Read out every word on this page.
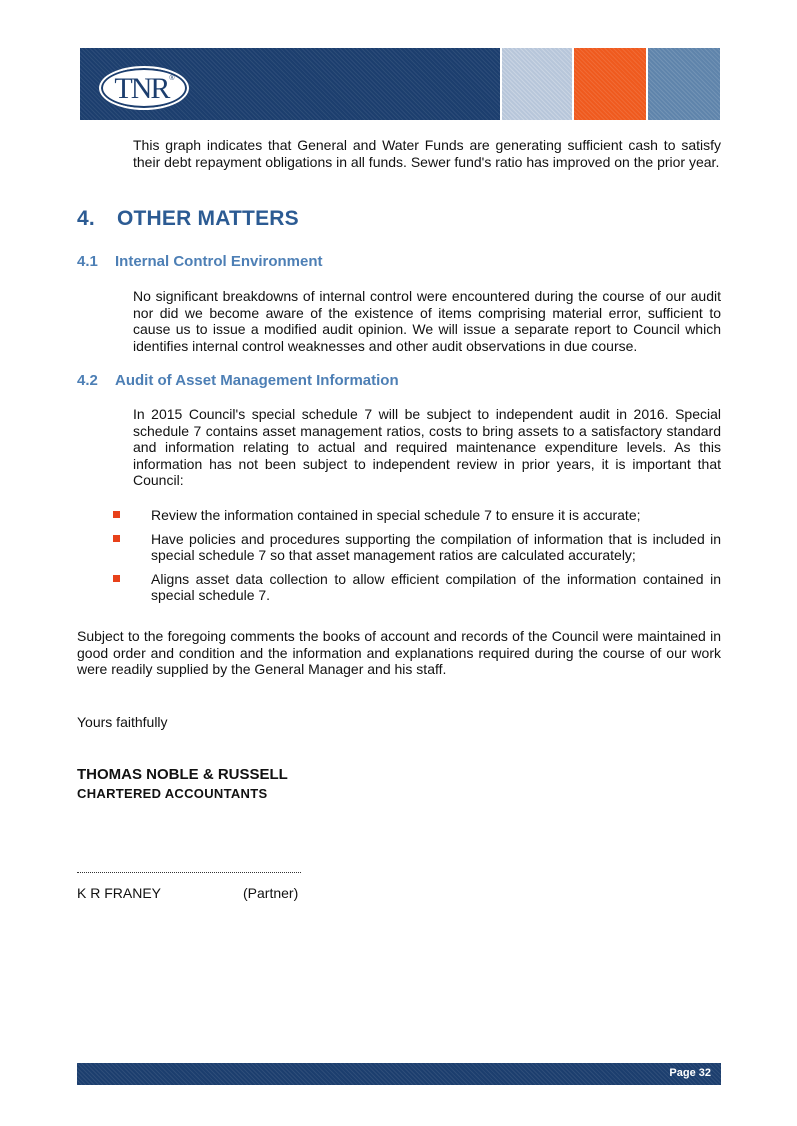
TNR ®

This graph indicates that General and Water Funds are generating sufficient cash to satisfy their debt repayment obligations in all funds. Sewer fund's ratio has improved on the prior year.

4. OTHER MATTERS
4.1 Internal Control Environment

No significant breakdowns of internal control were encountered during the course of our audit nor did we become aware of the existence of items comprising material error, sufficient to cause us to issue a modified audit opinion. We will issue a separate report to Council which identifies internal control weaknesses and other audit observations in due course.

4.2 Audit of Asset Management Information

In 2015 Council's special schedule 7 will be subject to independent audit in 2016. Special schedule 7 contains asset management ratios, costs to bring assets to a satisfactory standard and information relating to actual and required maintenance expenditure levels. As this information has not been subject to independent review in prior years, it is important that Council:

Review the information contained in special schedule 7 to ensure it is accurate;
Have policies and procedures supporting the compilation of information that is included in special schedule 7 so that asset management ratios are calculated accurately;
Aligns asset data collection to allow efficient compilation of the information contained in special schedule 7.

Subject to the foregoing comments the books of account and records of the Council were maintained in good order and condition and the information and explanations required during the course of our work were readily supplied by the General Manager and his staff.

Yours faithfully

THOMAS NOBLE & RUSSELL

CHARTERED ACCOUNTANTS

K R FRANEY	(Partner)
Page 32
